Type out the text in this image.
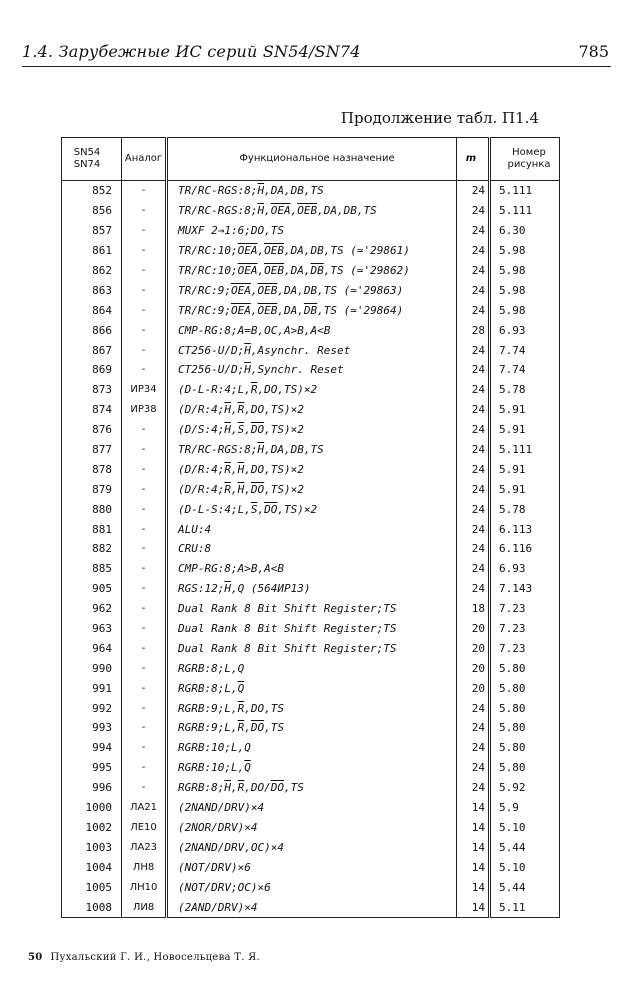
1.4. Зарубежные ИС серий SN54/SN74	785
Продолжение табл. П1.4
SN54
SN74	Аналог	Функциональное назначение	m	Номер
рисунка
852	-	$TR/RC-RGS:8;\overline{H},DA,DB,TS$	24	5.111
856	-	$TR/RC-RGS:8;\overline{H},\overline{OEA},\overline{OEB},DA,DB,TS$	24	5.111
857	-	MUXF 2→1:6;DO,TS	24	6.30
861	-	$TR/RC:10;\overline{OEA},\overline{OEB},DA,DB,TS$ (≃'29861)	24	5.98
862	-	$TR/RC:10;\overline{OEA},\overline{OEB},DA,\overline{DB},TS$ (≃'29862)	24	5.98
863	-	$TR/RC:9;\overline{OEA},\overline{OEB},DA,DB,TS$ (≃'29863)	24	5.98
864	-	$TR/RC:9;\overline{OEA},\overline{OEB},DA,\overline{DB},TS$ (≃'29864)	24	5.98
866	-	CMP-RG:8;A=B,OC,A>B,A<B	28	6.93
867	-	$CT256-U/D;\overline{H},Asynchr$. Reset	24	7.74
869	-	$CT256-U/D;\overline{H},Synchr$. Reset	24	7.74
873	ИР34	$(D-L-R:4;L,\overline{R},DO,TS)\times 2$	24	5.78
874	ИР38	$(D/R:4;\overline{H},\overline{R},DO,TS)\times 2$	24	5.91
876	-	$(D/S:4;\overline{H},\overline{S},\overline{DO},TS)\times 2$	24	5.91
877	-	$TR/RC-RGS:8;\overline{H},DA,DB,TS$	24	5.111
878	-	$(D/R:4;\overline{R},\overline{H},DO,TS)\times 2$	24	5.91
879	-	$(D/R:4;\overline{R},\overline{H},\overline{DO},TS)\times 2$	24	5.91
880	-	$(D-L-S:4;L,\overline{S},\overline{DO},TS)\times 2$	24	5.78
881	-	ALU:4	24	6.113
882	-	CRU:8	24	6.116
885	-	CMP-RG:8;A>B,A<B	24	6.93
905	-	$RGS:12;\overline{H},Q$ (564ИР13)	24	7.143
962	-	Dual Rank 8 Bit Shift Register;TS	18	7.23
963	-	Dual Rank 8 Bit Shift Register;TS	20	7.23
964	-	Dual Rank 8 Bit Shift Register;TS	20	7.23
990	-	RGRB:8;L,Q	20	5.80
991	-	$RGRB:8;L,\overline{Q}$	20	5.80
992	-	$RGRB:9;L,\overline{R},DO,TS$	24	5.80
993	-	$RGRB:9;L,\overline{R},\overline{DO},TS$	24	5.80
994	-	RGRB:10;L,Q	24	5.80
995	-	$RGRB:10;L,\overline{Q}$	24	5.80
996	-	$RGRB:8;\overline{H},\overline{R},DO/\overline{DO},TS$	24	5.92
1000	ЛА21	(2NAND/DRV)×4	14	5.9
1002	ЛЕ10	(2NOR/DRV)×4	14	5.10
1003	ЛА23	(2NAND/DRV,OC)×4	14	5.44
1004	ЛН8	(NOT/DRV)×6	14	5.10
1005	ЛН10	(NOT/DRV;OC)×6	14	5.44
1008	ЛИ8	(2AND/DRV)×4	14	5.11
50 Пухальский Г. И., Новосельцева Т. Я.
